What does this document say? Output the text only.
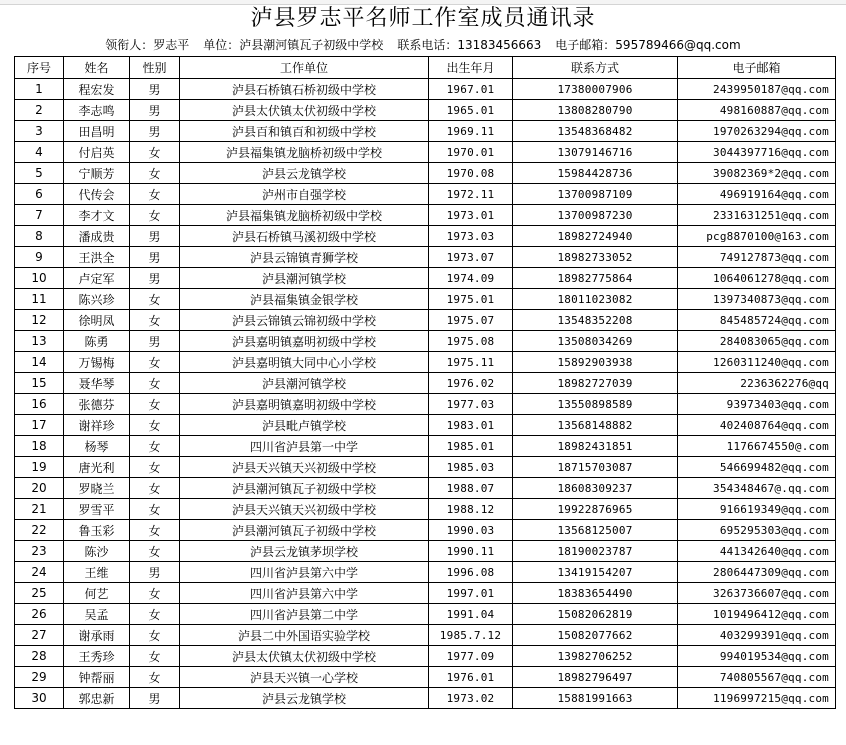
泸县罗志平名师工作室成员通讯录
领衔人：罗志平 单位：泸县潮河镇瓦子初级中学校 联系电话：13183456663 电子邮箱：595789466@qq.com
序号	姓名	性别	工作单位	出生年月	联系方式	电子邮箱
1	程宏发	男	泸县石桥镇石桥初级中学校	1967.01	17380007906	2439950187@qq.com
2	李志鸣	男	泸县太伏镇太伏初级中学校	1965.01	13808280790	498160887@qq.com
3	田昌明	男	泸县百和镇百和初级中学校	1969.11	13548368482	1970263294@qq.com
4	付启英	女	泸县福集镇龙脑桥初级中学校	1970.01	13079146716	3044397716@qq.com
5	宁顺芳	女	泸县云龙镇学校	1970.08	15984428736	39082369*2@qq.com
6	代传会	女	泸州市自强学校	1972.11	13700987109	496919164@qq.com
7	李才文	女	泸县福集镇龙脑桥初级中学校	1973.01	13700987230	2331631251@qq.com
8	潘成贵	男	泸县石桥镇马溪初级中学校	1973.03	18982724940	pcg8870100@163.com
9	王洪全	男	泸县云锦镇青狮学校	1973.07	18982733052	749127873@qq.com
10	卢定军	男	泸县潮河镇学校	1974.09	18982775864	1064061278@qq.com
11	陈兴珍	女	泸县福集镇金银学校	1975.01	18011023082	1397340873@qq.com
12	徐明凤	女	泸县云锦镇云锦初级中学校	1975.07	13548352208	845485724@qq.com
13	陈勇	男	泸县嘉明镇嘉明初级中学校	1975.08	13508034269	284083065@qq.com
14	万锡梅	女	泸县嘉明镇大同中心小学校	1975.11	15892903938	1260311240@qq.com
15	聂华琴	女	泸县潮河镇学校	1976.02	18982727039	2236362276@qq
16	张德芬	女	泸县嘉明镇嘉明初级中学校	1977.03	13550898589	93973403@qq.com
17	谢祥珍	女	泸县毗卢镇学校	1983.01	13568148882	402408764@qq.com
18	杨琴	女	四川省泸县第一中学	1985.01	18982431851	1176674550@.com
19	唐光利	女	泸县天兴镇天兴初级中学校	1985.03	18715703087	546699482@qq.com
20	罗晓兰	女	泸县潮河镇瓦子初级中学校	1988.07	18608309237	354348467@.qq.com
21	罗雪平	女	泸县天兴镇天兴初级中学校	1988.12	19922876965	916619349@qq.com
22	鲁玉彩	女	泸县潮河镇瓦子初级中学校	1990.03	13568125007	695295303@qq.com
23	陈沙	女	泸县云龙镇茅坝学校	1990.11	18190023787	441342640@qq.com
24	王维	男	四川省泸县第六中学	1996.08	13419154207	2806447309@qq.com
25	何艺	女	四川省泸县第六中学	1997.01	18383654490	3263736607@qq.com
26	吴孟	女	四川省泸县第二中学	1991.04	15082062819	1019496412@qq.com
27	谢承雨	女	泸县二中外国语实验学校	1985.7.12	15082077662	403299391@qq.com
28	王秀珍	女	泸县太伏镇太伏初级中学校	1977.09	13982706252	994019534@qq.com
29	钟帮丽	女	泸县天兴镇一心学校	1976.01	18982796497	740805567@qq.com
30	郭忠新	男	泸县云龙镇学校	1973.02	15881991663	1196997215@qq.com
